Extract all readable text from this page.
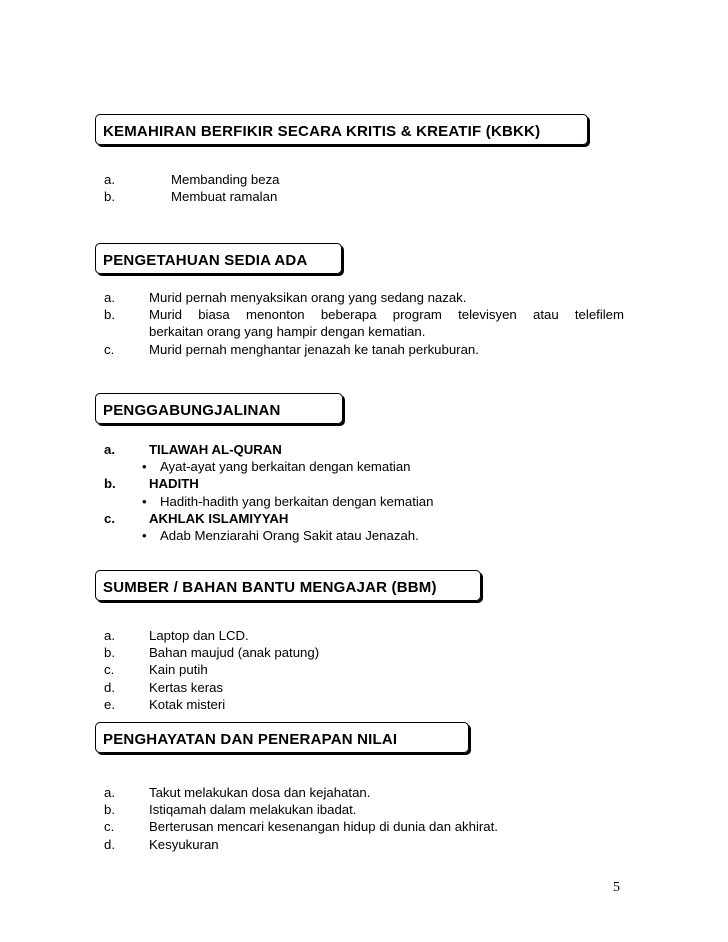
KEMAHIRAN BERFIKIR SECARA KRITIS & KREATIF (KBKK)
a.	Membanding beza
b.	Membuat ramalan
PENGETAHUAN SEDIA ADA
a.	Murid pernah menyaksikan orang yang sedang nazak.
b.	Murid biasa menonton beberapa program televisyen atau telefilem
berkaitan orang yang hampir dengan kematian.
c.	Murid pernah menghantar jenazah ke tanah perkuburan.
PENGGABUNGJALINAN
a.	TILAWAH AL-QURAN
•	Ayat-ayat yang berkaitan dengan kematian
b.	HADITH
•	Hadith-hadith yang berkaitan dengan kematian
c.	AKHLAK ISLAMIYYAH
•	Adab Menziarahi Orang Sakit atau Jenazah.
SUMBER / BAHAN BANTU MENGAJAR (BBM)
a.	Laptop dan LCD.
b.	Bahan maujud (anak patung)
c.	Kain putih
d.	Kertas keras
e.	Kotak misteri
PENGHAYATAN DAN PENERAPAN NILAI
a.	Takut melakukan dosa dan kejahatan.
b.	Istiqamah dalam melakukan ibadat.
c.	Berterusan mencari kesenangan hidup di dunia dan akhirat.
d.	Kesyukuran
5
